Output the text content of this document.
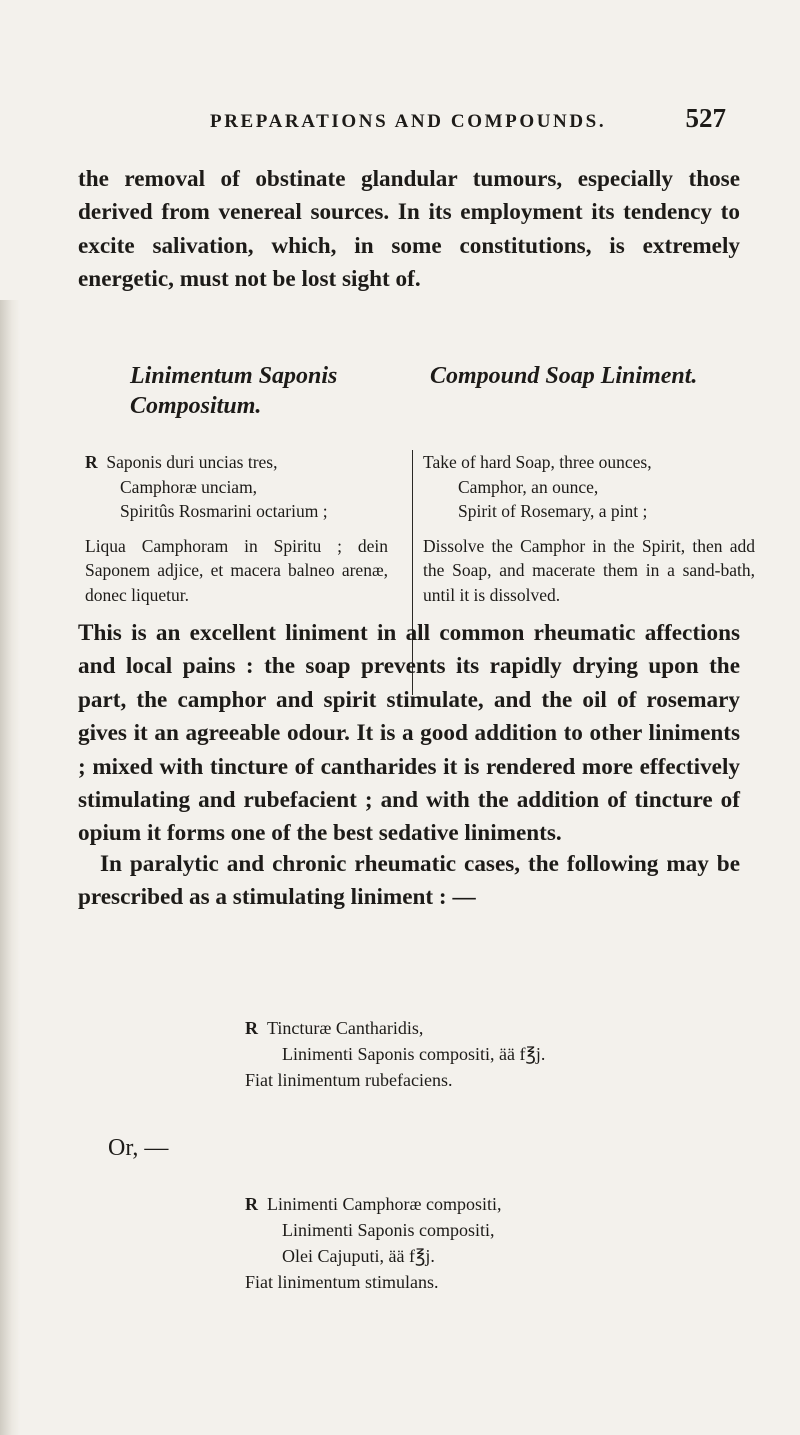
PREPARATIONS AND COMPOUNDS.	527

the removal of obstinate glandular tumours, especially those derived from venereal sources. In its employment its tendency to excite salivation, which, in some constitutions, is extremely energetic, must not be lost sight of.

Linimentum Saponis
Compositum.
Compound Soap Liniment.
R Saponis duri uncias tres,
Camphoræ unciam,
Spiritûs Rosmarini octarium ;
Liqua Camphoram in Spiritu ; dein Saponem adjice, et macera balneo arenæ, donec liquetur.
Take of hard Soap, three ounces,
Camphor, an ounce,
Spirit of Rosemary, a pint ;
Dissolve the Camphor in the Spirit, then add the Soap, and macerate them in a sand-bath, until it is dissolved.

This is an excellent liniment in all common rheumatic affections and local pains : the soap prevents its rapidly drying upon the part, the camphor and spirit stimulate, and the oil of rosemary gives it an agreeable odour. It is a good addition to other liniments ; mixed with tincture of cantharides it is rendered more effectively stimulating and rubefacient ; and with the addition of tincture of opium it forms one of the best sedative liniments.

In paralytic and chronic rheumatic cases, the following may be prescribed as a stimulating liniment : —

R Tincturæ Cantharidis,
Linimenti Saponis compositi, ää f℥j.
Fiat linimentum rubefaciens.
Or, —
R Linimenti Camphoræ compositi,
Linimenti Saponis compositi,
Olei Cajuputi, ää f℥j.
Fiat linimentum stimulans.
